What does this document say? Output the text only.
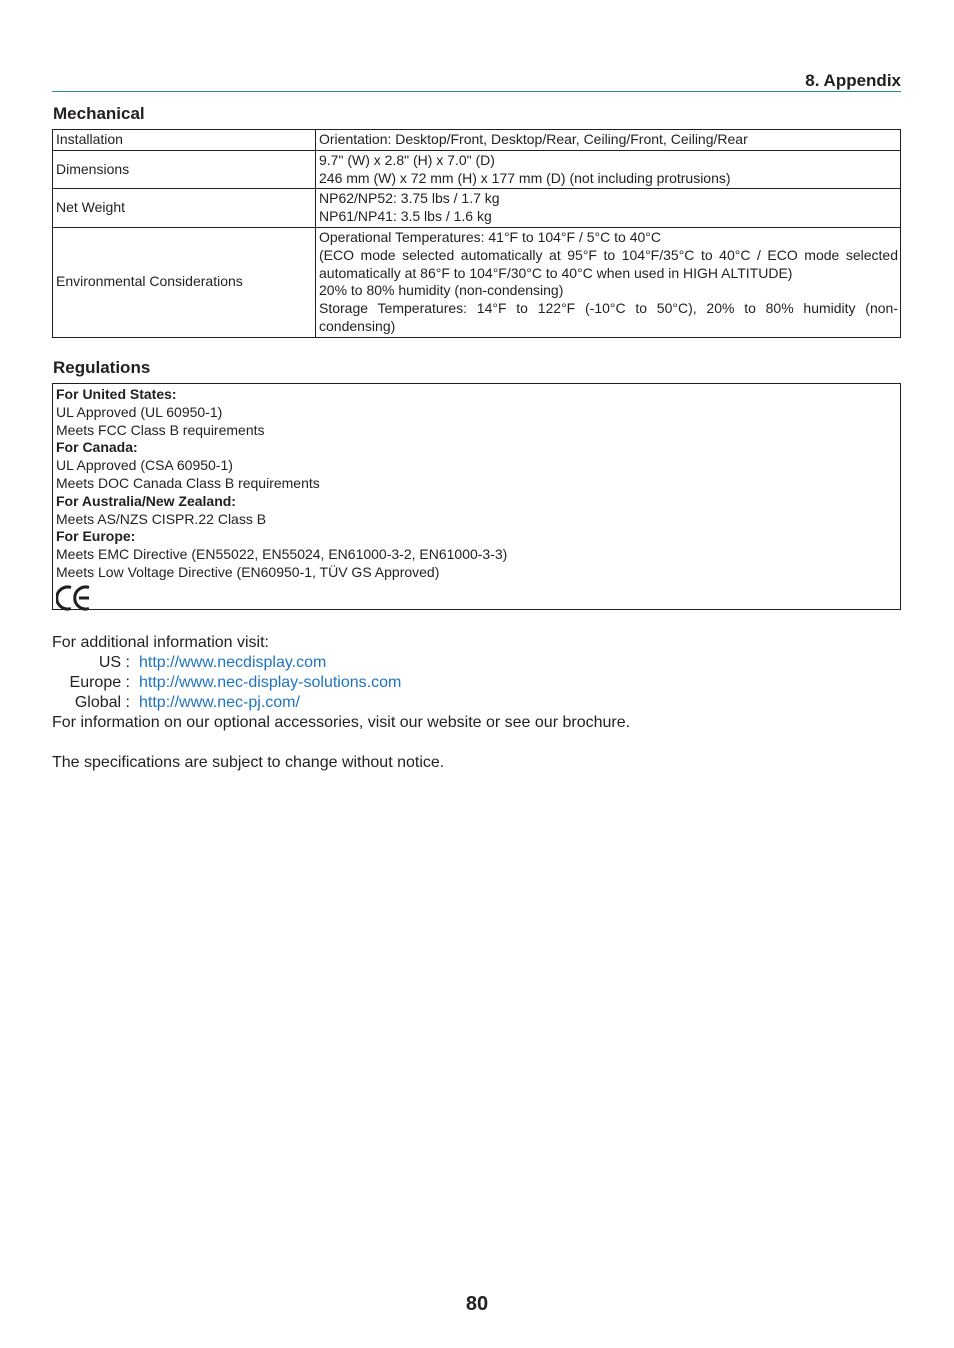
8. Appendix
Mechanical
Installation	Orientation: Desktop/Front, Desktop/Rear, Ceiling/Front, Ceiling/Rear
Dimensions	9.7" (W) x 2.8" (H) x 7.0" (D)
246 mm (W) x 72 mm (H) x 177 mm (D) (not including protrusions)

Net Weight	NP62/NP52: 3.75 lbs / 1.7 kg
NP61/NP41: 3.5 lbs / 1.6 kg

Environmental Considerations	Operational Temperatures: 41°F to 104°F / 5°C to 40°C
(ECO mode selected automatically at 95°F to 104°F/35°C to 40°C / ECO mode selected automatically at 86°F to 104°F/30°C to 40°C when used in HIGH ALTITUDE)
20% to 80% humidity (non-condensing)
Storage Temperatures: 14°F to 122°F (-10°C to 50°C), 20% to 80% humidity (non-condensing)
Regulations
For United States:
UL Approved (UL 60950-1)
Meets FCC Class B requirements
For Canada:
UL Approved (CSA 60950-1)
Meets DOC Canada Class B requirements
For Australia/New Zealand:
Meets AS/NZS CISPR.22 Class B
For Europe:
Meets EMC Directive (EN55022, EN55024, EN61000-3-2, EN61000-3-3)
Meets Low Voltage Directive (EN60950-1, TÜV GS Approved)
For additional information visit:
US : http://www.necdisplay.com
Europe : http://www.nec-display-solutions.com
Global : http://www.nec-pj.com/
For information on our optional accessories, visit our website or see our brochure.
The specifications are subject to change without notice.
80
